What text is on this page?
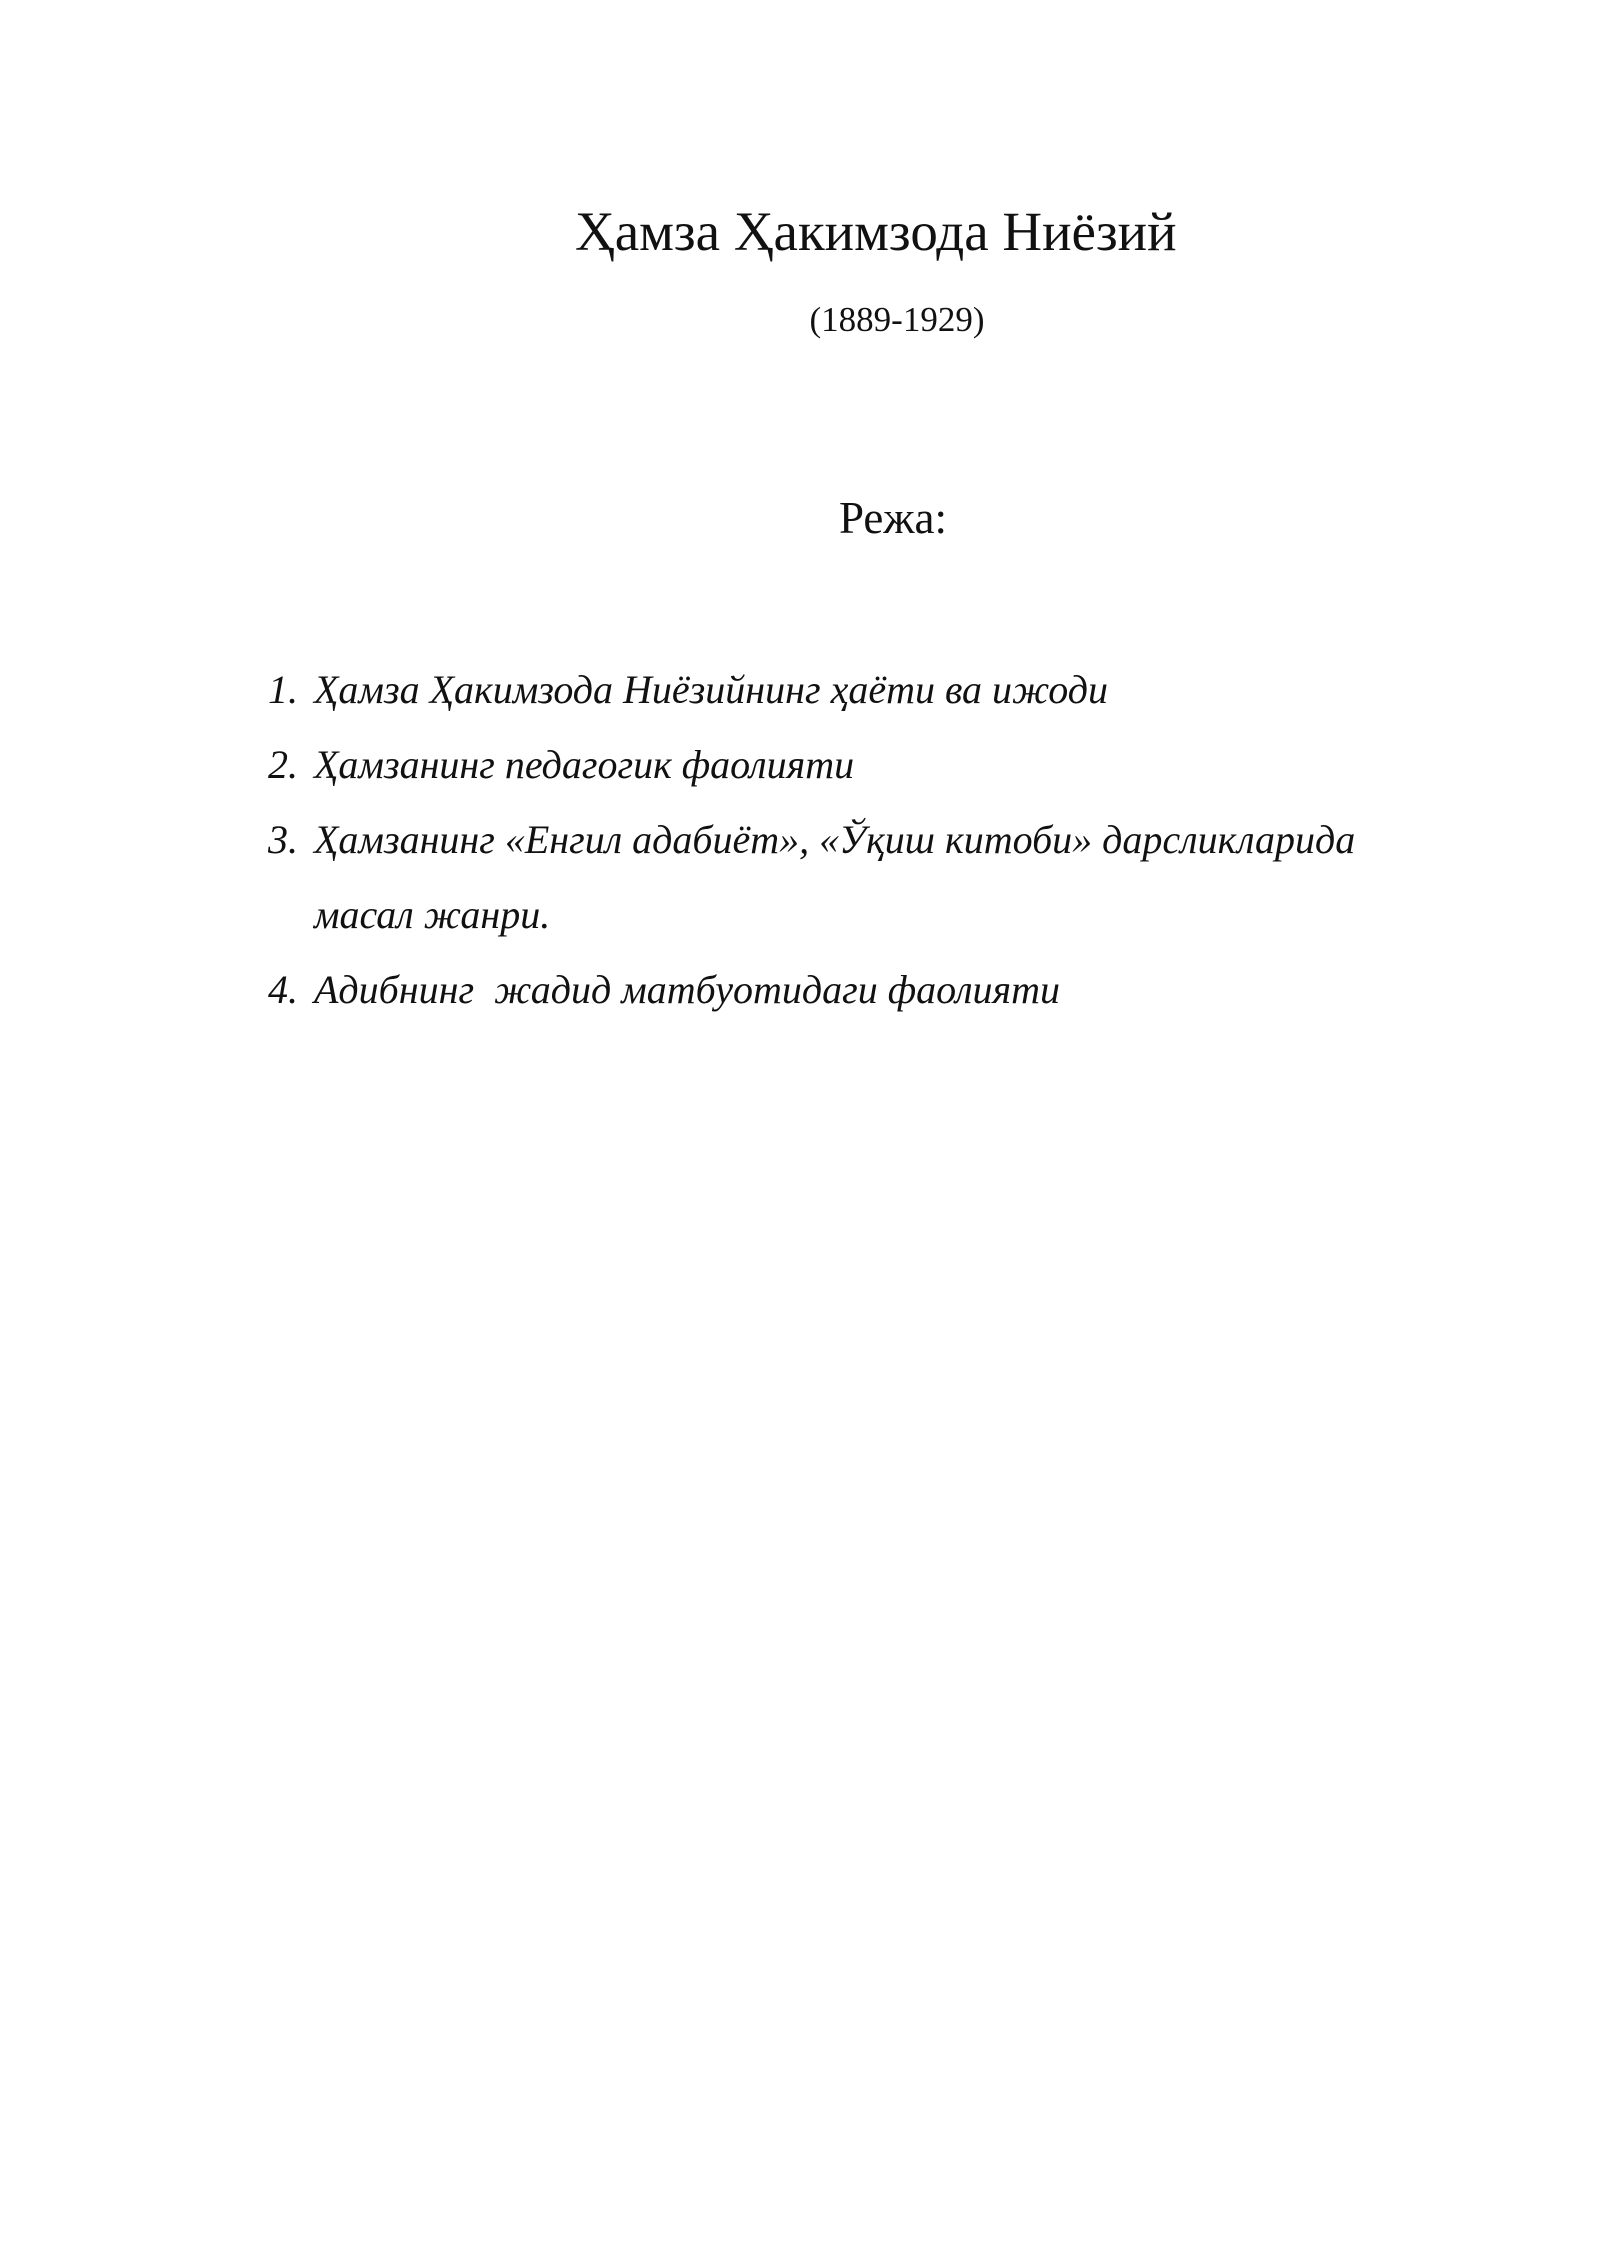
Ҳамза Ҳакимзода Ниёзий
(1889-1929)
Режа:
1. Ҳамза Ҳакимзода Ниёзийнинг ҳаёти ва ижоди
2. Ҳамзанинг педагогик фаолияти
3. Ҳамзанинг «Енгил адабиёт», «Ўқиш китоби» дарсликларида
масал жанри.
4. Адибнинг  жадид матбуотидаги фаолияти
